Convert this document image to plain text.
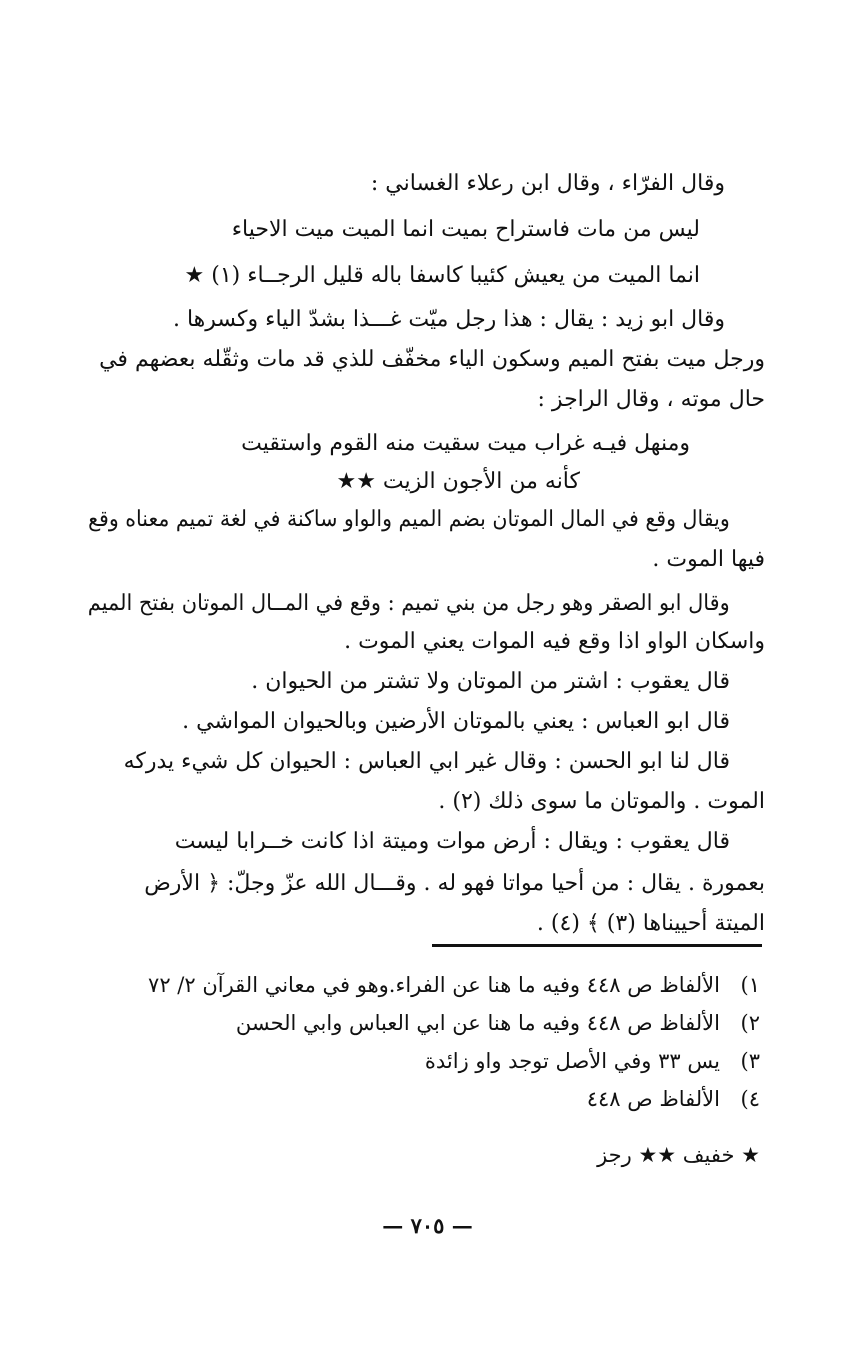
وقال الفرّاء ، وقال ابن رعلاء الغساني :
ليس من مات فاستراح بميت انما الميت ميت الاحياء
انما الميت من يعيش كئيبا كاسفا باله قليل الرجــاء (١) ★
وقال ابو زيد : يقال : هذا رجل ميّت غـــذا بشدّ الياء وكسرها .
ورجل ميت بفتح الميم وسكون الياء مخفّف للذي قد مات وثقّله بعضهم في
حال موته ، وقال الراجز :
ومنهل فيـه غراب ميت سقيت منه القوم واستقيت
كأنه من الأجون الزيت ★★
ويقال وقع في المال الموتان بضم الميم والواو ساكنة في لغة تميم معناه وقع
فيها الموت .
وقال ابو الصقر وهو رجل من بني تميم : وقع في المــال الموتان بفتح الميم
واسكان الواو اذا وقع فيه الموات يعني الموت .
قال يعقوب : اشتر من الموتان ولا تشتر من الحيوان .
قال ابو العباس : يعني بالموتان الأرضين وبالحيوان المواشي .
قال لنا ابو الحسن : وقال غير ابي العباس : الحيوان كل شيء يدركه
الموت . والموتان ما سوى ذلك (٢) .
قال يعقوب : ويقال : أرض موات وميتة اذا كانت خــرابا ليست
بعمورة . يقال : من أحيا مواتا فهو له . وقـــال الله عزّ وجلّ: ﴿ الأرض
الميتة أحييناها (٣) ﴾ (٤) .
١)
الألفاظ ص ٤٤٨ وفيه ما هنا عن الفراء.وهو في معاني القرآن ٢/ ٧٢
٢)
الألفاظ ص ٤٤٨ وفيه ما هنا عن ابي العباس وابي الحسن
٣)
يس ٣٣ وفي الأصل توجد واو زائدة
٤)
الألفاظ ص ٤٤٨
★ خفيف ★★ رجز
— ٧٠٥ —
